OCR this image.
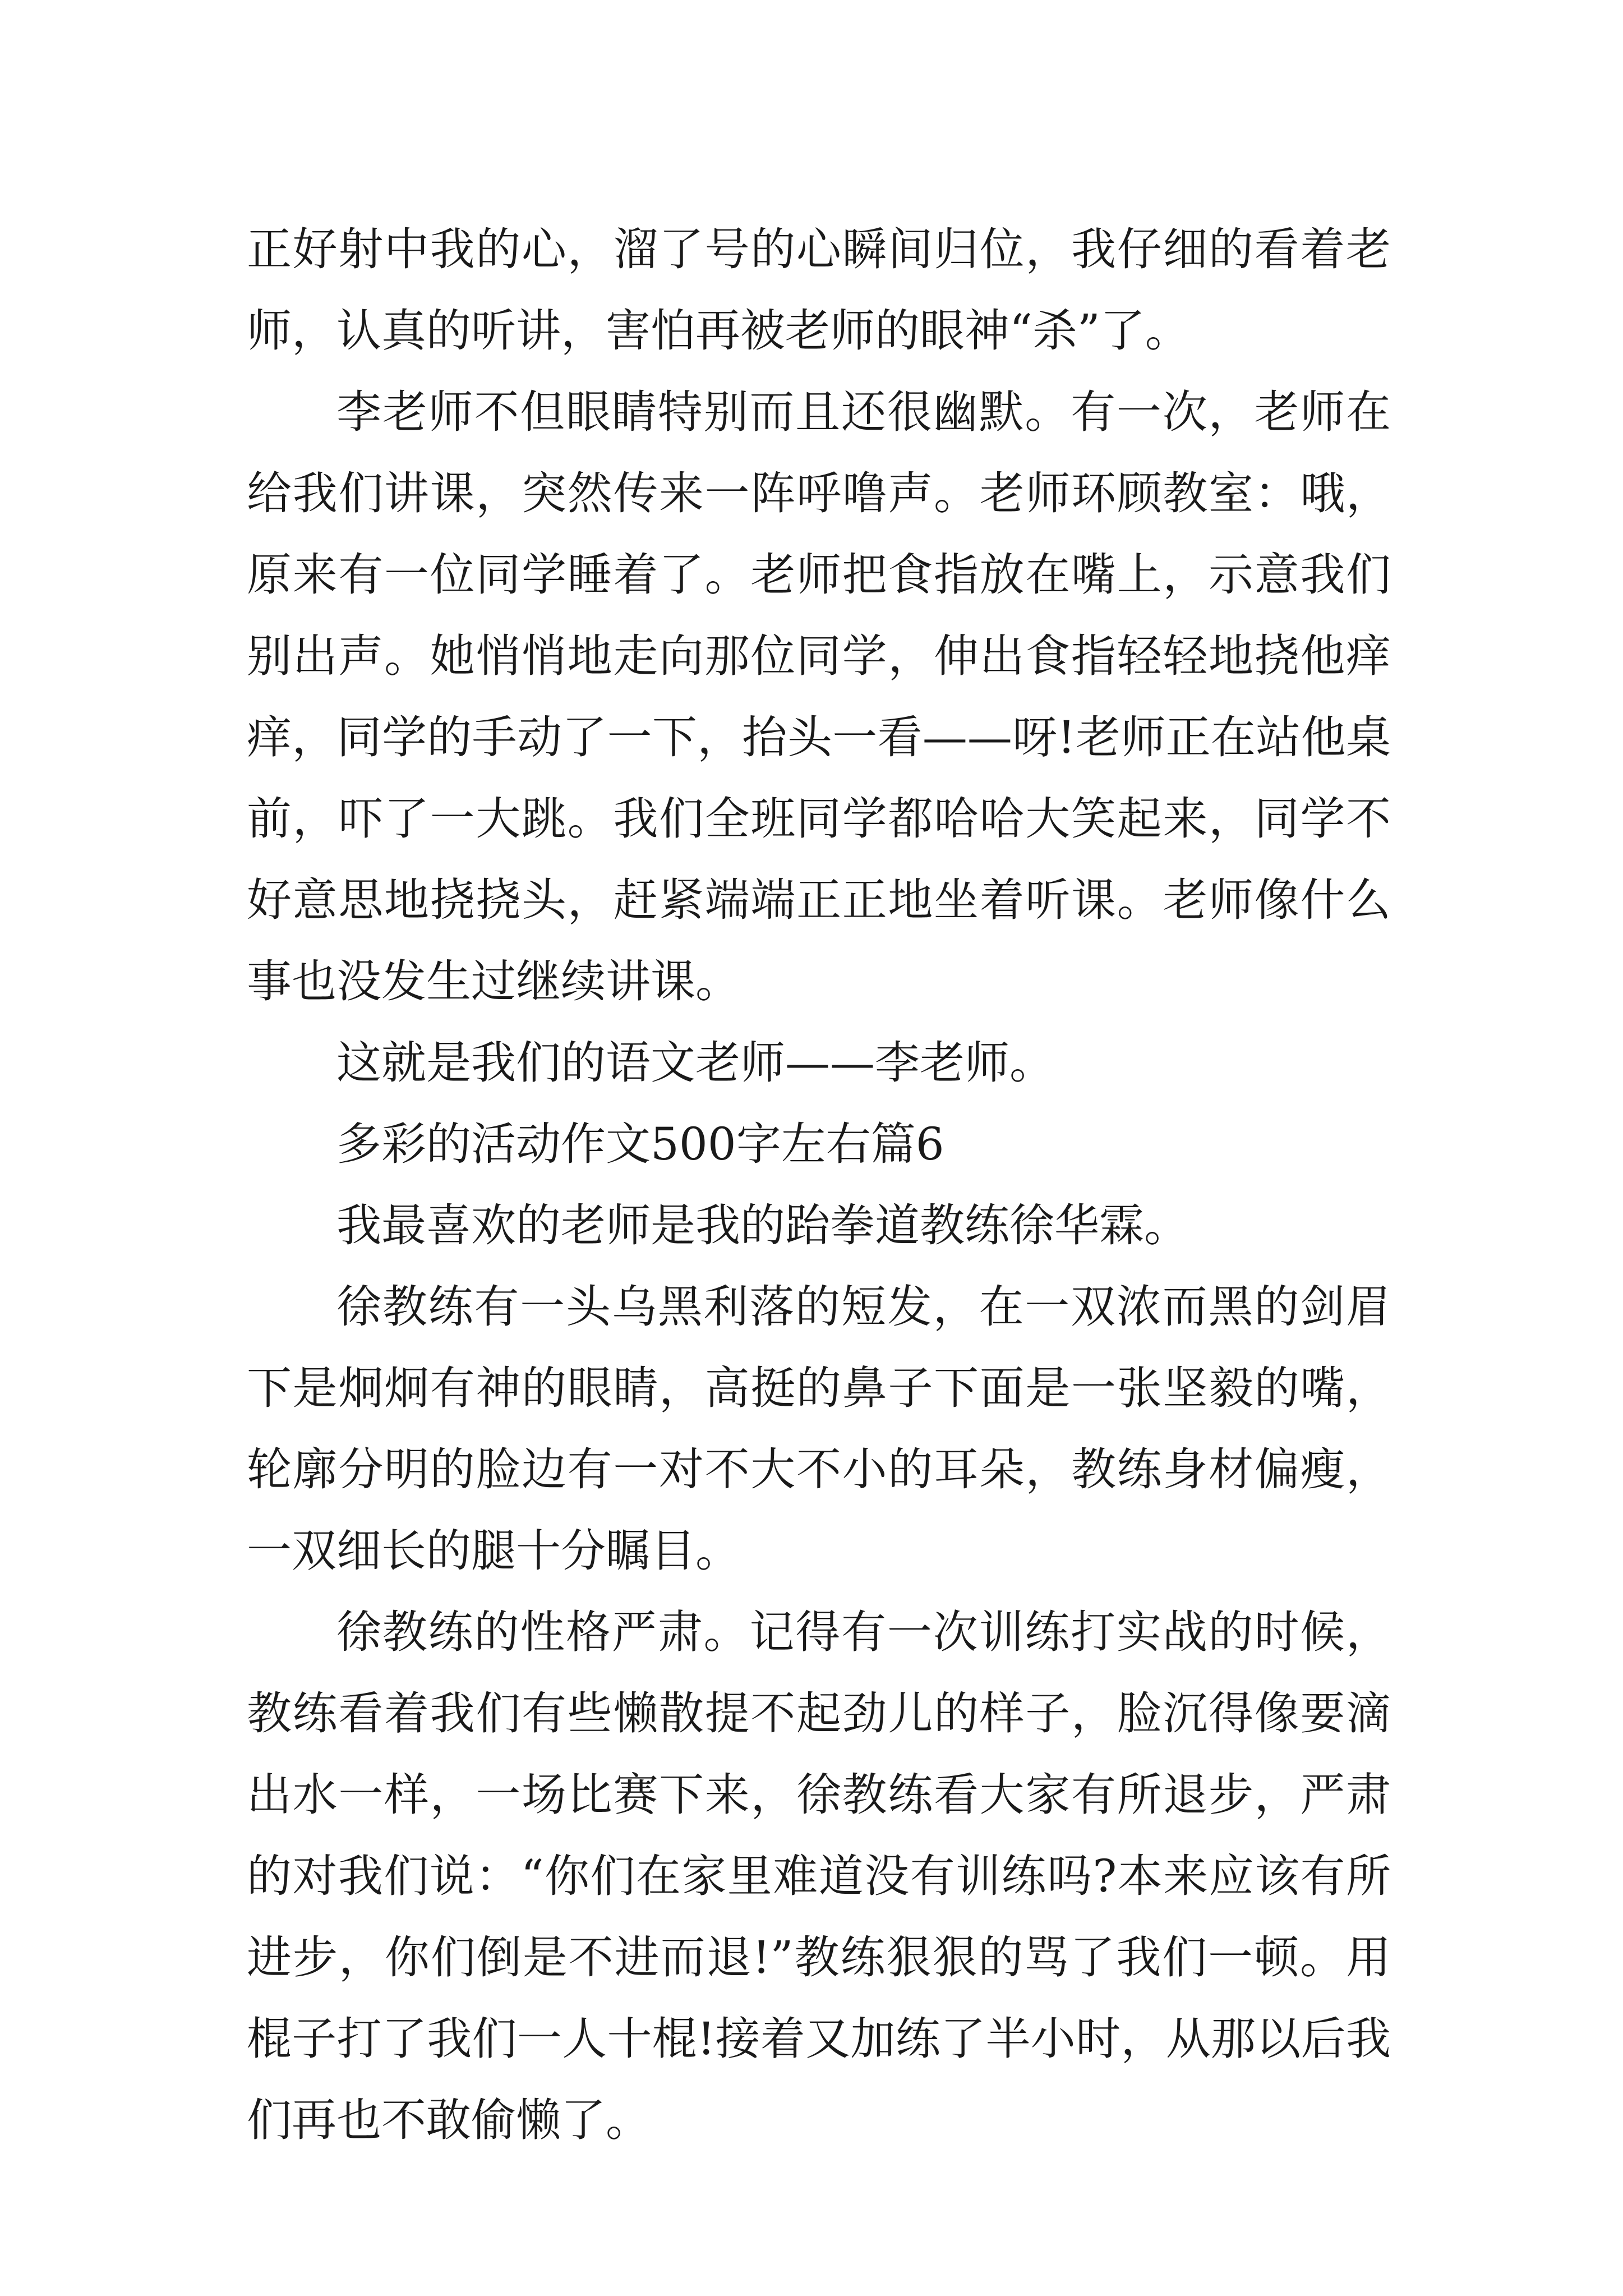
正好射中我的心，溜了号的心瞬间归位，我仔细的看着老师，认真的听讲，害怕再被老师的眼神“杀”了。

李老师不但眼睛特别而且还很幽默。有一次，老师在给我们讲课，突然传来一阵呼噜声。老师环顾教室：哦，原来有一位同学睡着了。老师把食指放在嘴上，示意我们别出声。她悄悄地走向那位同学，伸出食指轻轻地挠他痒痒，同学的手动了一下，抬头一看——呀!老师正在站他桌前，吓了一大跳。我们全班同学都哈哈大笑起来，同学不好意思地挠挠头，赶紧端端正正地坐着听课。老师像什么事也没发生过继续讲课。

这就是我们的语文老师——李老师。

多彩的活动作文500字左右篇6

我最喜欢的老师是我的跆拳道教练徐华霖。

徐教练有一头乌黑利落的短发，在一双浓而黑的剑眉下是炯炯有神的眼睛，高挺的鼻子下面是一张坚毅的嘴，轮廓分明的脸边有一对不大不小的耳朵，教练身材偏瘦，一双细长的腿十分瞩目。

徐教练的性格严肃。记得有一次训练打实战的时候，教练看着我们有些懒散提不起劲儿的样子，脸沉得像要滴出水一样，一场比赛下来，徐教练看大家有所退步，严肃的对我们说：“你们在家里难道没有训练吗?本来应该有所进步，你们倒是不进而退!”教练狠狠的骂了我们一顿。用棍子打了我们一人十棍!接着又加练了半小时，从那以后我们再也不敢偷懒了。
